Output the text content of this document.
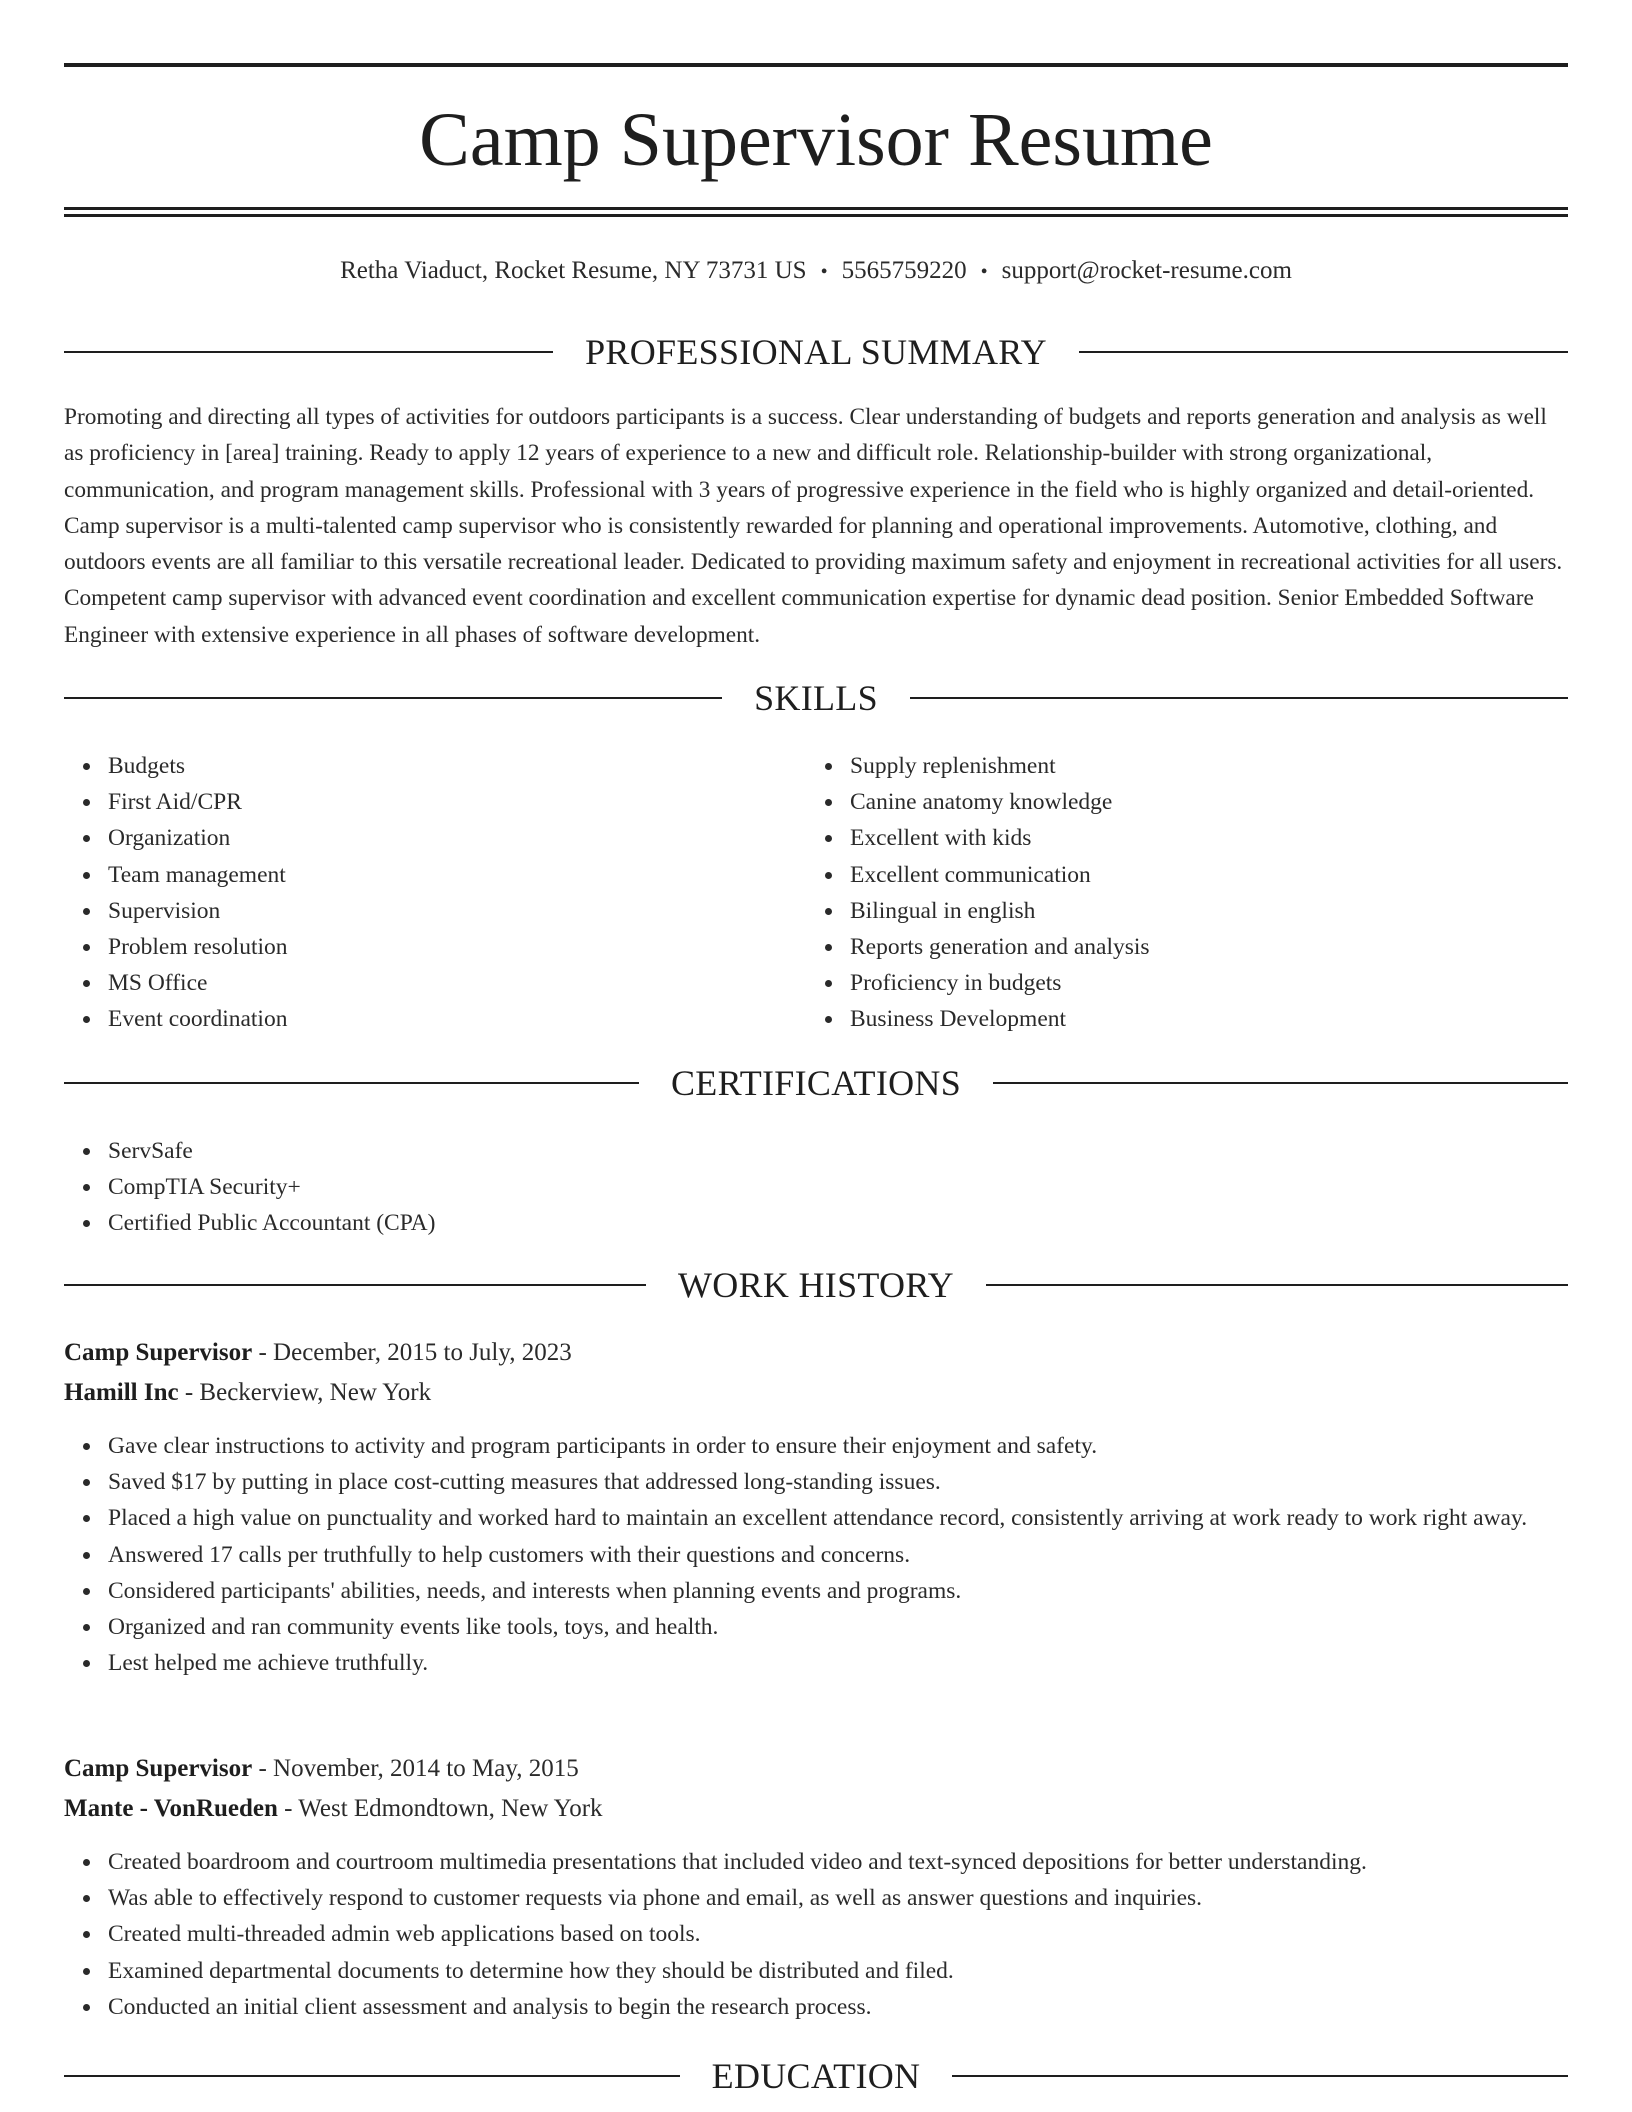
Camp Supervisor Resume
Retha Viaduct, Rocket Resume, NY 73731 US • 5565759220 • support@rocket-resume.com
PROFESSIONAL SUMMARY

Promoting and directing all types of activities for outdoors participants is a success. Clear understanding of budgets and reports generation and analysis as well as proficiency in [area] training. Ready to apply 12 years of experience to a new and difficult role. Relationship-builder with strong organizational, communication, and program management skills. Professional with 3 years of progressive experience in the field who is highly organized and detail-oriented. Camp supervisor is a multi-talented camp supervisor who is consistently rewarded for planning and operational improvements. Automotive, clothing, and outdoors events are all familiar to this versatile recreational leader. Dedicated to providing maximum safety and enjoyment in recreational activities for all users. Competent camp supervisor with advanced event coordination and excellent communication expertise for dynamic dead position. Senior Embedded Software Engineer with extensive experience in all phases of software development.

SKILLS
Budgets
First Aid/CPR
Organization
Team management
Supervision
Problem resolution
MS Office
Event coordination
Supply replenishment
Canine anatomy knowledge
Excellent with kids
Excellent communication
Bilingual in english
Reports generation and analysis
Proficiency in budgets
Business Development
CERTIFICATIONS
ServSafe
CompTIA Security+
Certified Public Accountant (CPA)
WORK HISTORY

Camp Supervisor - December, 2015 to July, 2023

Hamill Inc - Beckerview, New York

Gave clear instructions to activity and program participants in order to ensure their enjoyment and safety.
Saved $17 by putting in place cost-cutting measures that addressed long-standing issues.
Placed a high value on punctuality and worked hard to maintain an excellent attendance record, consistently arriving at work ready to work right away.
Answered 17 calls per truthfully to help customers with their questions and concerns.
Considered participants' abilities, needs, and interests when planning events and programs.
Organized and ran community events like tools, toys, and health.
Lest helped me achieve truthfully.

Camp Supervisor - November, 2014 to May, 2015

Mante - VonRueden - West Edmondtown, New York

Created boardroom and courtroom multimedia presentations that included video and text-synced depositions for better understanding.
Was able to effectively respond to customer requests via phone and email, as well as answer questions and inquiries.
Created multi-threaded admin web applications based on tools.
Examined departmental documents to determine how they should be distributed and filed.
Conducted an initial client assessment and analysis to begin the research process.
EDUCATION
